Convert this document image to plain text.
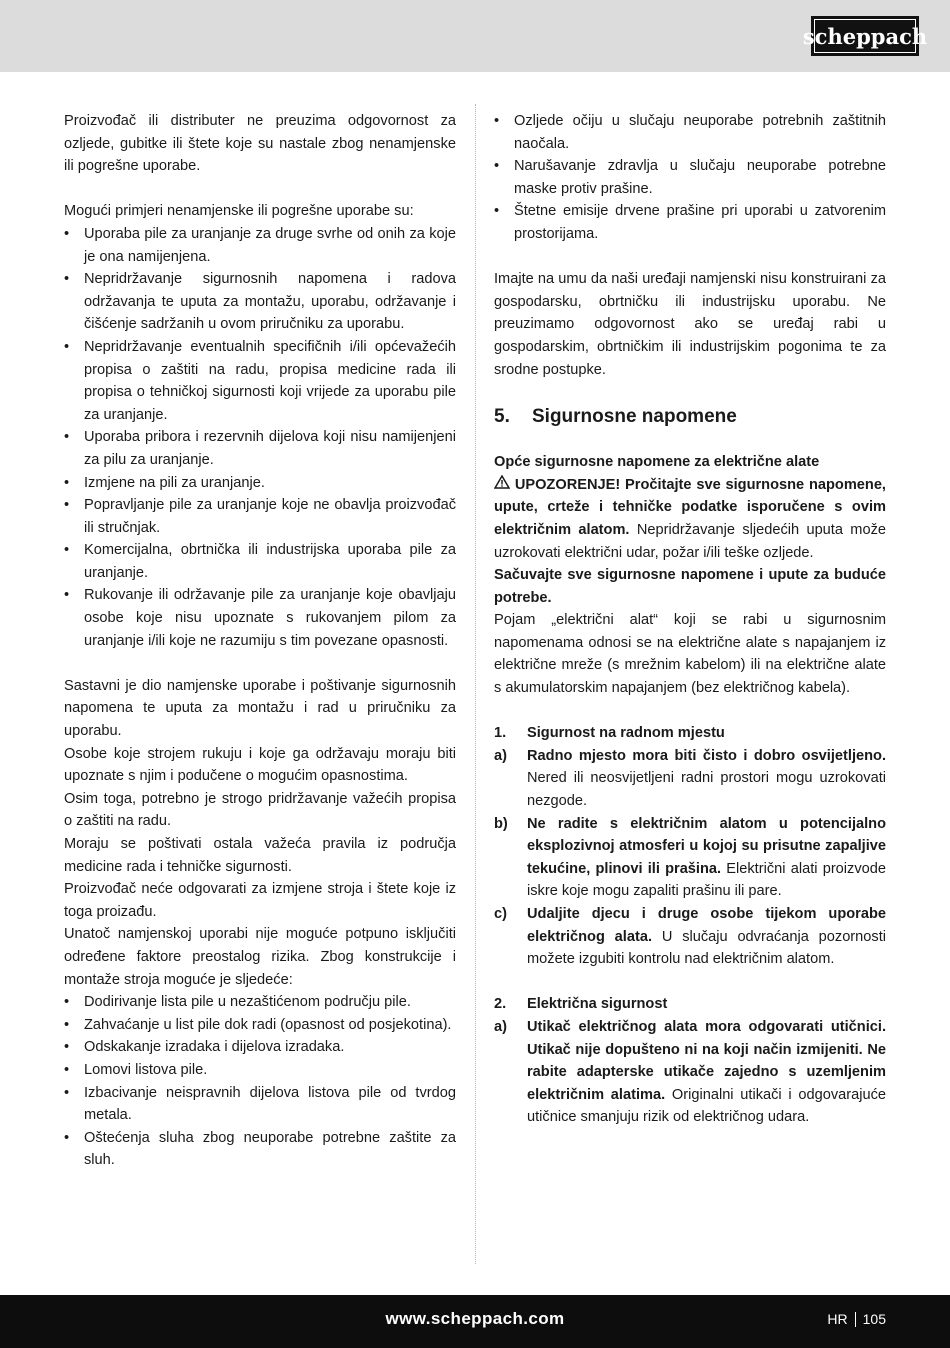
scheppach

Proizvođač ili distributer ne preuzima odgovornost za ozljede, gubitke ili štete koje su nastale zbog nenamjenske ili pogrešne uporabe.

Mogući primjeri nenamjenske ili pogrešne uporabe su:

• Uporaba pile za uranjanje za druge svrhe od onih za koje je ona namijenjena.
• Nepridržavanje sigurnosnih napomena i radova održavanja te uputa za montažu, uporabu, održavanje i čišćenje sadržanih u ovom priručniku za uporabu.
• Nepridržavanje eventualnih specifičnih i/ili općevažećih propisa o zaštiti na radu, propisa medicine rada ili propisa o tehničkoj sigurnosti koji vrijede za uporabu pile za uranjanje.
• Uporaba pribora i rezervnih dijelova koji nisu namijenjeni za pilu za uranjanje.
• Izmjene na pili za uranjanje.
• Popravljanje pile za uranjanje koje ne obavlja proizvođač ili stručnjak.
• Komercijalna, obrtnička ili industrijska uporaba pile za uranjanje.
• Rukovanje ili održavanje pile za uranjanje koje obavljaju osobe koje nisu upoznate s rukovanjem pilom za uranjanje i/ili koje ne razumiju s tim povezane opasnosti.

Sastavni je dio namjenske uporabe i poštivanje sigurnosnih napomena te uputa za montažu i rad u priručniku za uporabu.

Osobe koje strojem rukuju i koje ga održavaju moraju biti upoznate s njim i podučene o mogućim opasnostima.

Osim toga, potrebno je strogo pridržavanje važećih propisa o zaštiti na radu.

Moraju se poštivati ostala važeća pravila iz područja medicine rada i tehničke sigurnosti.

Proizvođač neće odgovarati za izmjene stroja i štete koje iz toga proizađu.

Unatoč namjenskoj uporabi nije moguće potpuno isključiti određene faktore preostalog rizika. Zbog konstrukcije i montaže stroja moguće je sljedeće:

• Dodirivanje lista pile u nezaštićenom području pile.
• Zahvaćanje u list pile dok radi (opasnost od posjekotina).
• Odskakanje izradaka i dijelova izradaka.
• Lomovi listova pile.
• Izbacivanje neispravnih dijelova listova pile od tvrdog metala.
• Oštećenja sluha zbog neuporabe potrebne zaštite za sluh.
• Ozljede očiju u slučaju neuporabe potrebnih zaštitnih naočala.
• Narušavanje zdravlja u slučaju neuporabe potrebne maske protiv prašine.
• Štetne emisije drvene prašine pri uporabi u zatvorenim prostorijama.

Imajte na umu da naši uređaji namjenski nisu konstruirani za gospodarsku, obrtničku ili industrijsku uporabu. Ne preuzimamo odgovornost ako se uređaj rabi u gospodarskim, obrtničkim ili industrijskim pogonima te za srodne postupke.

5.	Sigurnosne napomene

Opće sigurnosne napomene za električne alate

UPOZORENJE! Pročitajte sve sigurnosne napomene, upute, crteže i tehničke podatke isporučene s ovim električnim alatom. Nepridržavanje sljedećih uputa može uzrokovati električni udar, požar i/ili teške ozljede.

Sačuvajte sve sigurnosne napomene i upute za buduće potrebe.

Pojam „električni alat“ koji se rabi u sigurnosnim napomenama odnosi se na električne alate s napajanjem iz električne mreže (s mrežnim kabelom) ili na električne alate s akumulatorskim napajanjem (bez električnog kabela).

1.	Sigurnost na radnom mjestu
a)	Radno mjesto mora biti čisto i dobro osvijetljeno. Nered ili neosvijetljeni radni prostori mogu uzrokovati nezgode.
b)	Ne radite s električnim alatom u potencijalno eksplozivnoj atmosferi u kojoj su prisutne zapaljive tekućine, plinovi ili prašina. Električni alati proizvode iskre koje mogu zapaliti prašinu ili pare.
c)	Udaljite djecu i druge osobe tijekom uporabe električnog alata. U slučaju odvraćanja pozornosti možete izgubiti kontrolu nad električnim alatom.
2.	Električna sigurnost
a)	Utikač električnog alata mora odgovarati utičnici. Utikač nije dopušteno ni na koji način izmijeniti. Ne rabite adapterske utikače zajedno s uzemljenim električnim alatima. Originalni utikači i odgovarajuće utičnice smanjuju rizik od električnog udara.
www.scheppach.com	HR 105
